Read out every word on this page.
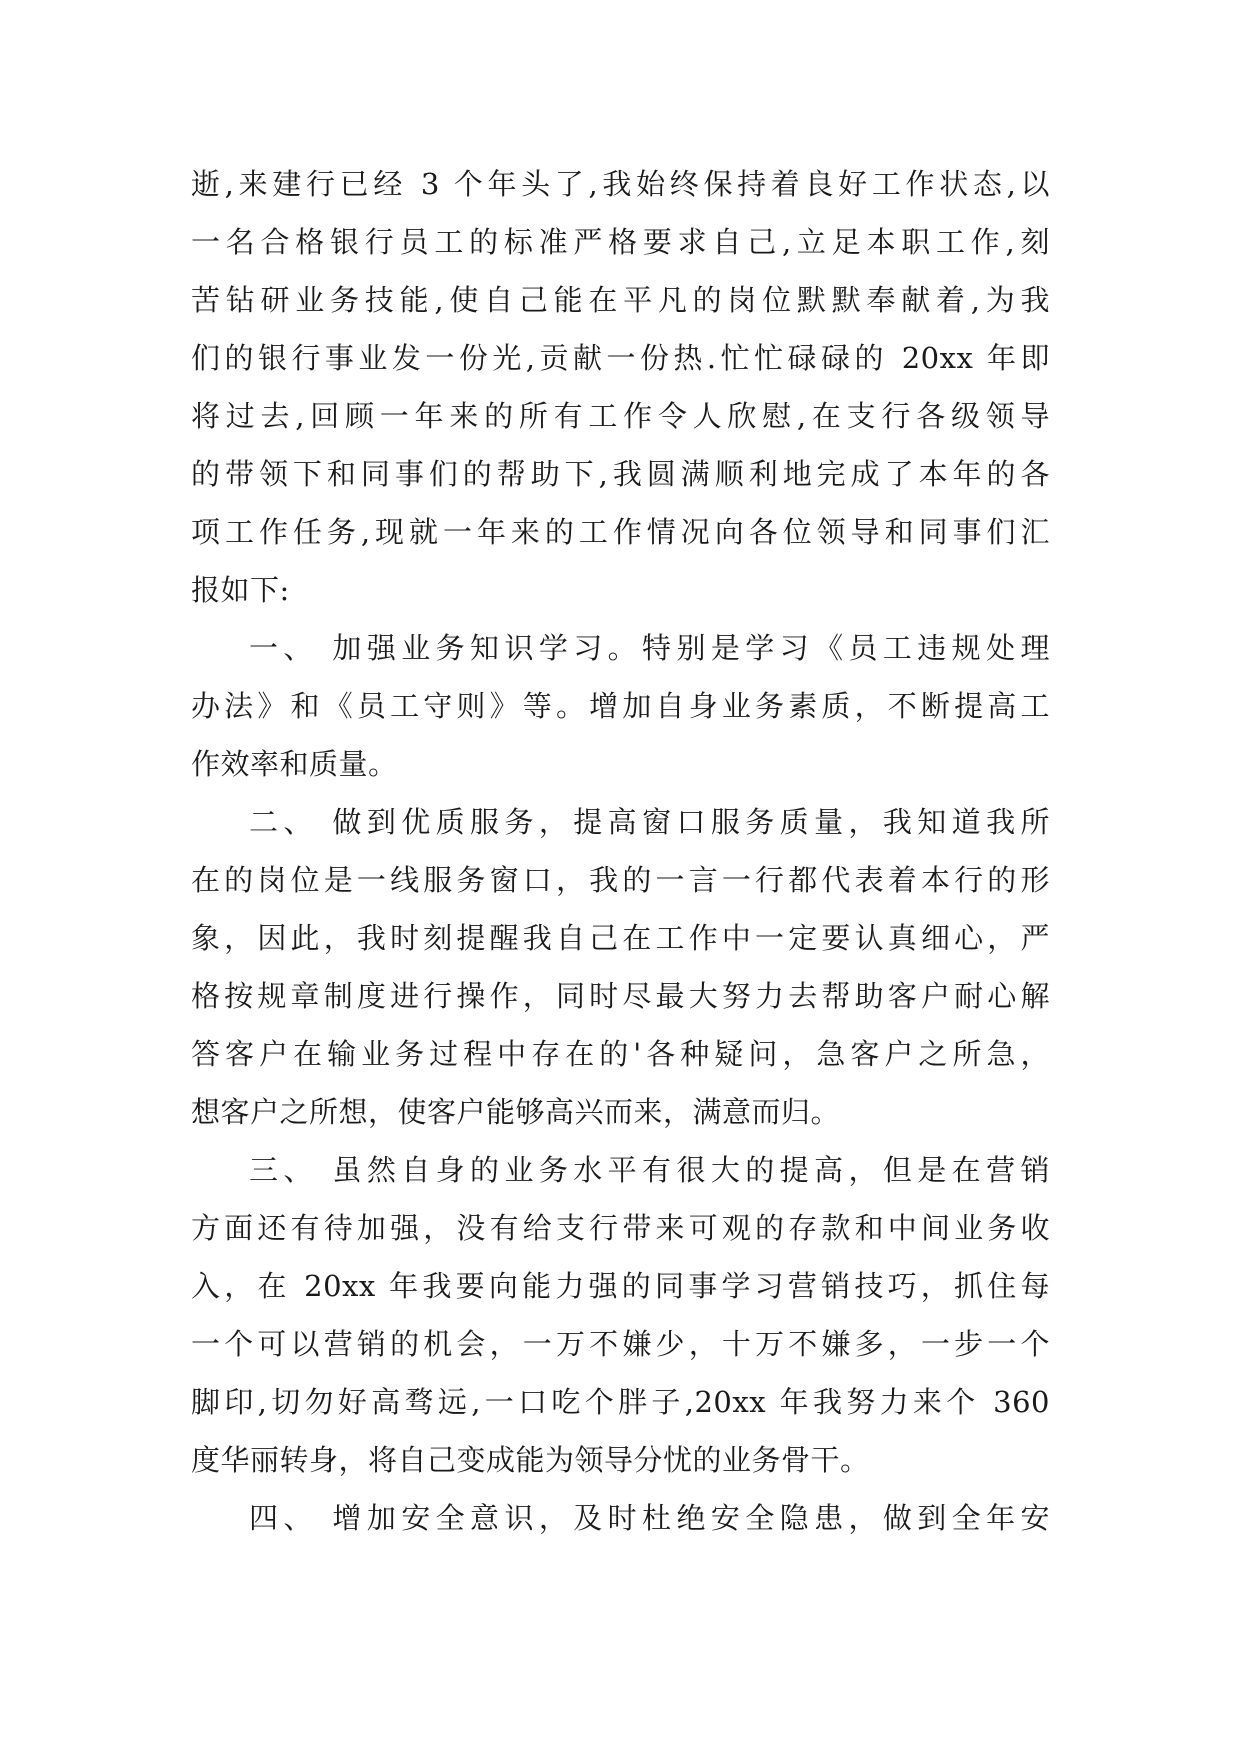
逝,来建行已经 3 个年头了,我始终保持着良好工作状态,以
一名合格银行员工的标准严格要求自己,立足本职工作,刻
苦钻研业务技能,使自己能在平凡的岗位默默奉献着,为我
们的银行事业发一份光,贡献一份热.忙忙碌碌的 20xx 年即
将过去,回顾一年来的所有工作令人欣慰,在支行各级领导
的带领下和同事们的帮助下,我圆满顺利地完成了本年的各
项工作任务,现就一年来的工作情况向各位领导和同事们汇
报如下:
一、 加强业务知识学习。特别是学习《员工违规处理
办法》和《员工守则》等。增加自身业务素质，不断提高工
作效率和质量。
二、 做到优质服务，提高窗口服务质量，我知道我所
在的岗位是一线服务窗口，我的一言一行都代表着本行的形
象，因此，我时刻提醒我自己在工作中一定要认真细心，严
格按规章制度进行操作，同时尽最大努力去帮助客户耐心解
答客户在输业务过程中存在的'各种疑问，急客户之所急，
想客户之所想，使客户能够高兴而来，满意而归。
三、 虽然自身的业务水平有很大的提高，但是在营销
方面还有待加强，没有给支行带来可观的存款和中间业务收
入，在 20xx 年我要向能力强的同事学习营销技巧，抓住每
一个可以营销的机会，一万不嫌少，十万不嫌多，一步一个
脚印,切勿好高骛远,一口吃个胖子,20xx 年我努力来个 360
度华丽转身，将自己变成能为领导分忧的业务骨干。
四、 增加安全意识，及时杜绝安全隐患，做到全年安
